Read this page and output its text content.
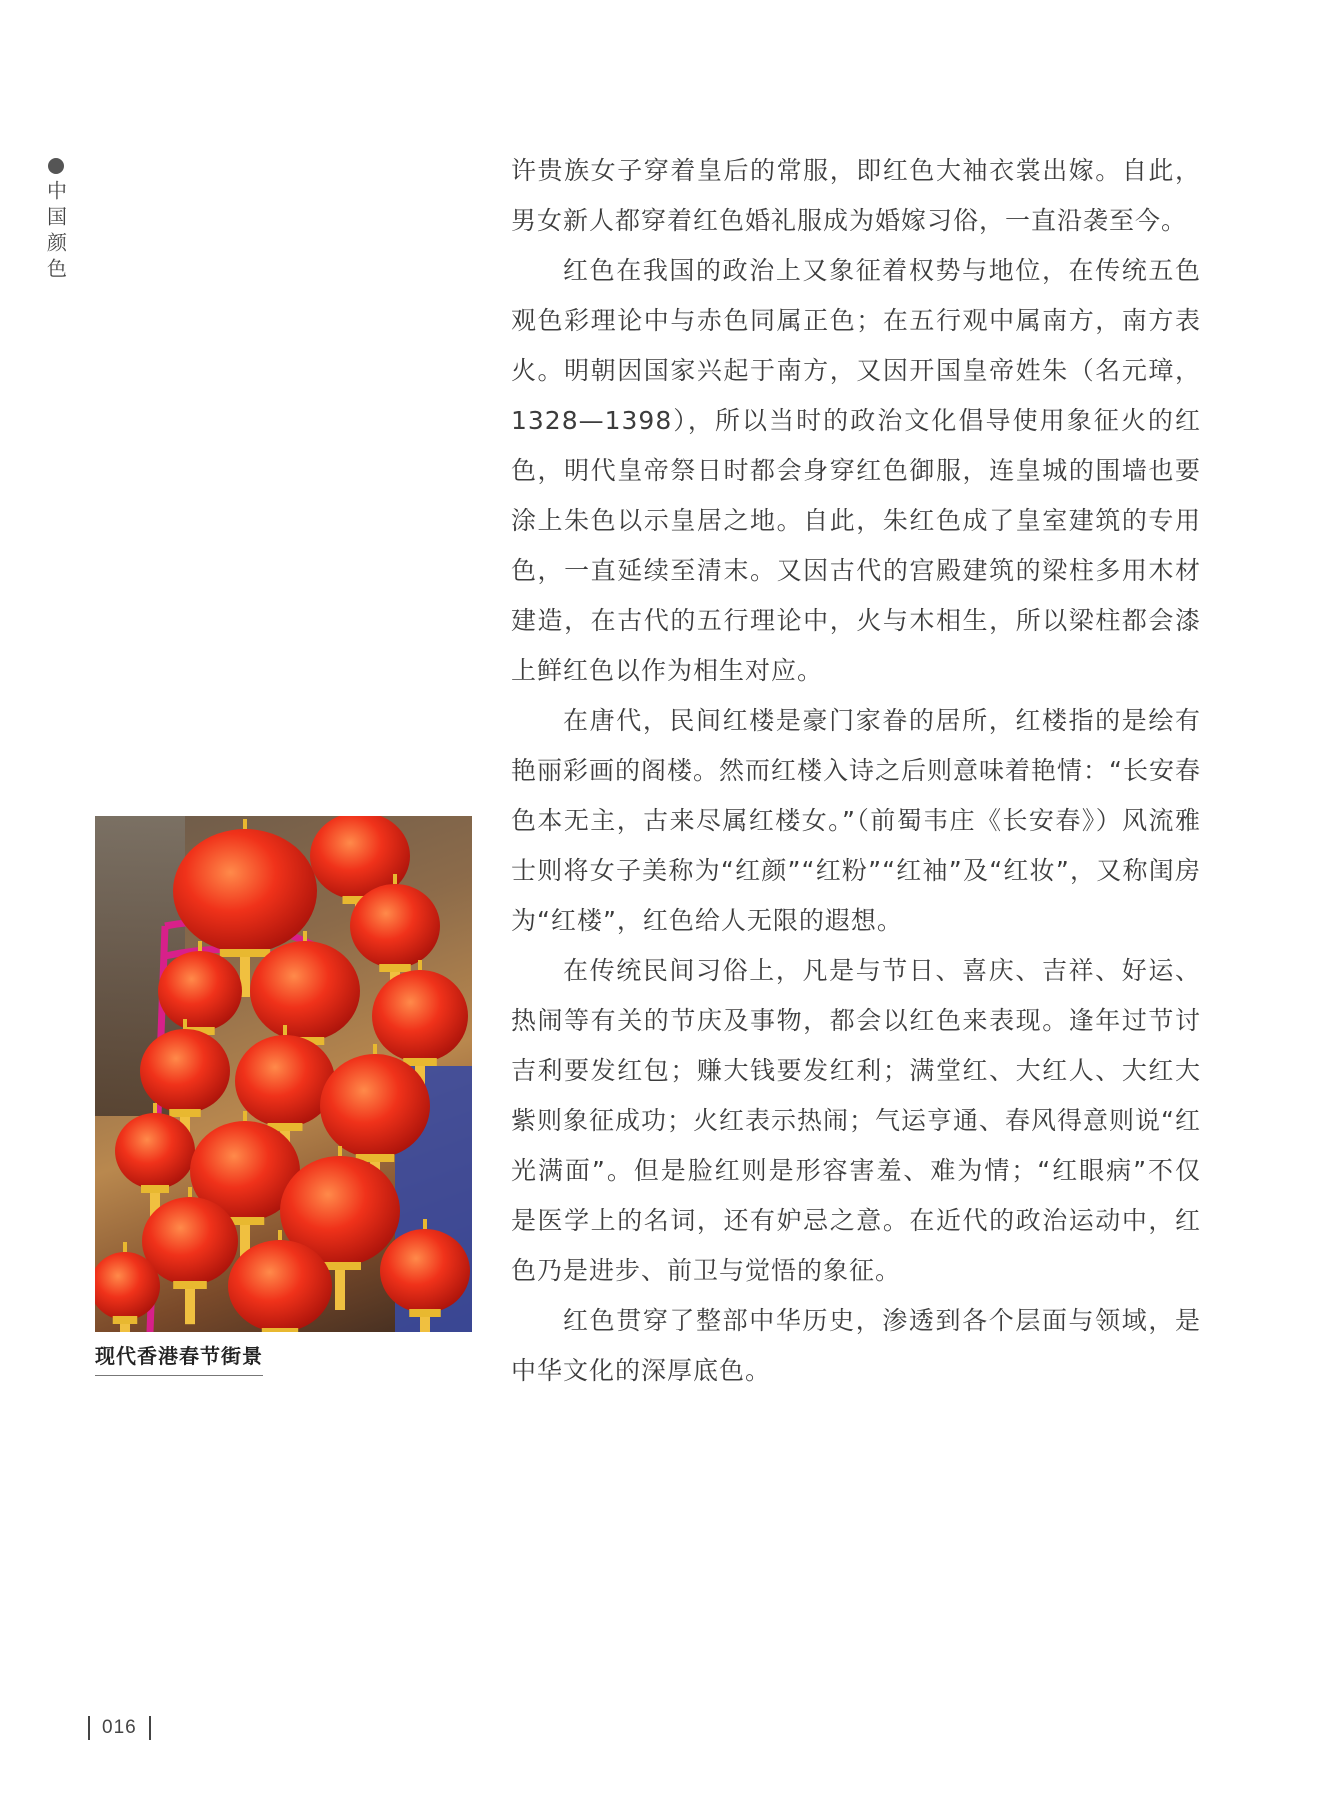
中国颜色

许贵族女子穿着皇后的常服，即红色大袖衣裳出嫁。自此，男女新人都穿着红色婚礼服成为婚嫁习俗，一直沿袭至今。

红色在我国的政治上又象征着权势与地位，在传统五色观色彩理论中与赤色同属正色；在五行观中属南方，南方表火。明朝因国家兴起于南方，又因开国皇帝姓朱（名元璋，1328—1398），所以当时的政治文化倡导使用象征火的红色，明代皇帝祭日时都会身穿红色御服，连皇城的围墙也要涂上朱色以示皇居之地。自此，朱红色成了皇室建筑的专用色，一直延续至清末。又因古代的宫殿建筑的梁柱多用木材建造，在古代的五行理论中，火与木相生，所以梁柱都会漆上鲜红色以作为相生对应。

在唐代，民间红楼是豪门家眷的居所，红楼指的是绘有艳丽彩画的阁楼。然而红楼入诗之后则意味着艳情：“长安春色本无主，古来尽属红楼女。”（前蜀韦庄《长安春》）风流雅士则将女子美称为“红颜”“红粉”“红袖”及“红妆”，又称闺房为“红楼”，红色给人无限的遐想。

在传统民间习俗上，凡是与节日、喜庆、吉祥、好运、热闹等有关的节庆及事物，都会以红色来表现。逢年过节讨吉利要发红包；赚大钱要发红利；满堂红、大红人、大红大紫则象征成功；火红表示热闹；气运亨通、春风得意则说“红光满面”。但是脸红则是形容害羞、难为情；“红眼病”不仅是医学上的名词，还有妒忌之意。在近代的政治运动中，红色乃是进步、前卫与觉悟的象征。

红色贯穿了整部中华历史，渗透到各个层面与领域，是中华文化的深厚底色。

现代香港春节街景
016
